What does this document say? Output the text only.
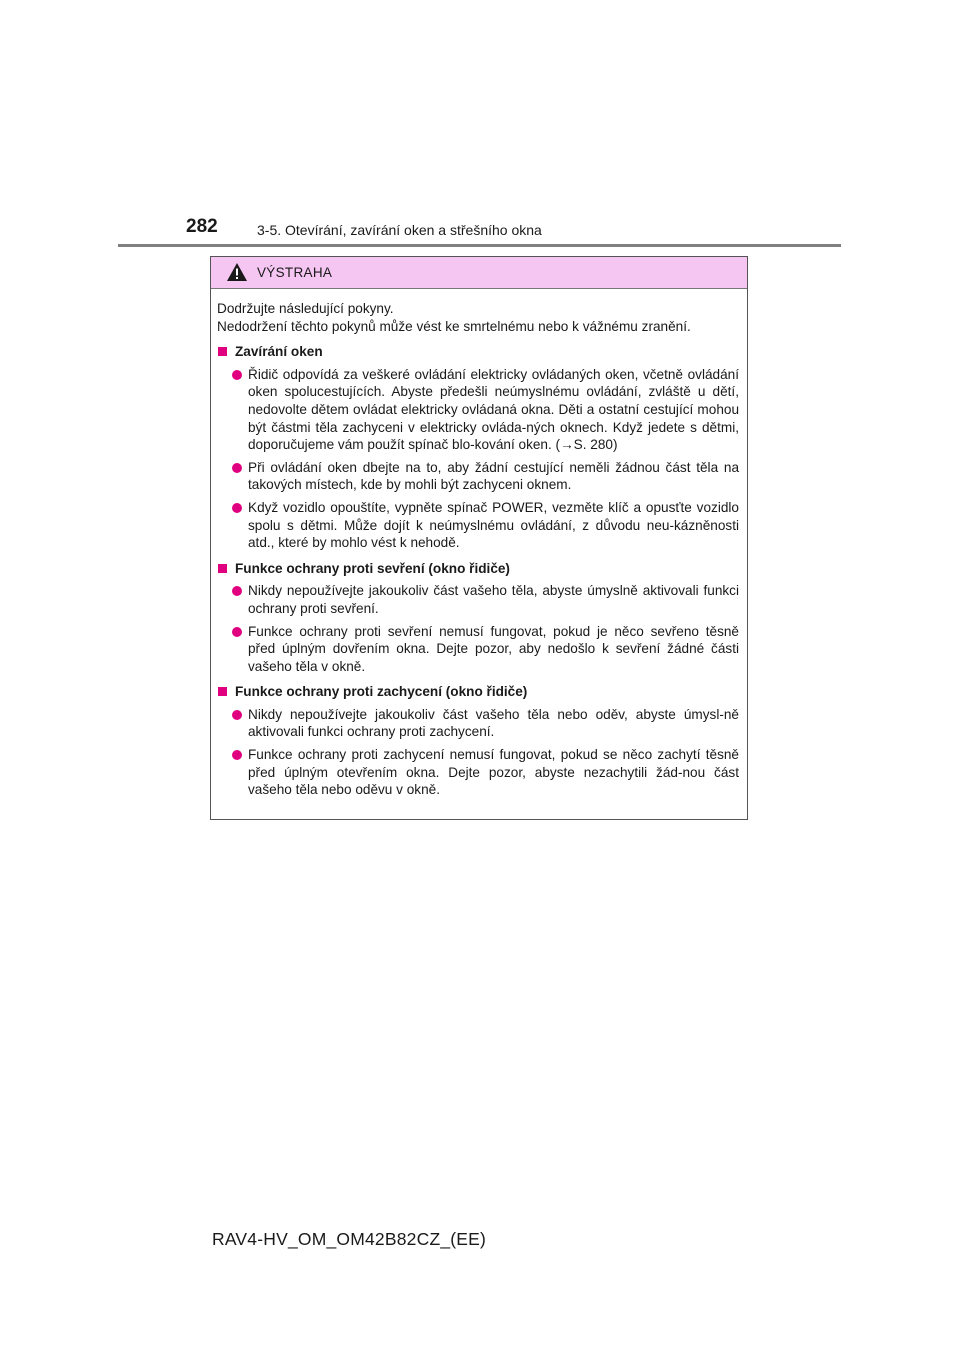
282	3-5. Otevírání, zavírání oken a střešního okna
VÝSTRAHA

Dodržujte následující pokyny.

Nedodržení těchto pokynů může vést ke smrtelnému nebo k vážnému zranění.

Zavírání oken
Řidič odpovídá za veškeré ovládání elektricky ovládaných oken, včetně ovládání oken spolucestujících. Abyste předešli neúmyslnému ovládání, zvláště u dětí, nedovolte dětem ovládat elektricky ovládaná okna. Děti a ostatní cestující mohou být částmi těla zachyceni v elektricky ovláda-ných oknech. Když jedete s dětmi, doporučujeme vám použít spínač blo-kování oken. (→S. 280)
Při ovládání oken dbejte na to, aby žádní cestující neměli žádnou část těla na takových místech, kde by mohli být zachyceni oknem.
Když vozidlo opouštíte, vypněte spínač POWER, vezměte klíč a opusťte vozidlo spolu s dětmi. Může dojít k neúmyslnému ovládání, z důvodu neu-kázněnosti atd., které by mohlo vést k nehodě.
Funkce ochrany proti sevření (okno řidiče)
Nikdy nepoužívejte jakoukoliv část vašeho těla, abyste úmyslně aktivovali funkci ochrany proti sevření.
Funkce ochrany proti sevření nemusí fungovat, pokud je něco sevřeno těsně před úplným dovřením okna. Dejte pozor, aby nedošlo k sevření žádné části vašeho těla v okně.
Funkce ochrany proti zachycení (okno řidiče)
Nikdy nepoužívejte jakoukoliv část vašeho těla nebo oděv, abyste úmysl-ně aktivovali funkci ochrany proti zachycení.
Funkce ochrany proti zachycení nemusí fungovat, pokud se něco zachytí těsně před úplným otevřením okna. Dejte pozor, abyste nezachytili žád-nou část vašeho těla nebo oděvu v okně.
RAV4-HV_OM_OM42B82CZ_(EE)
